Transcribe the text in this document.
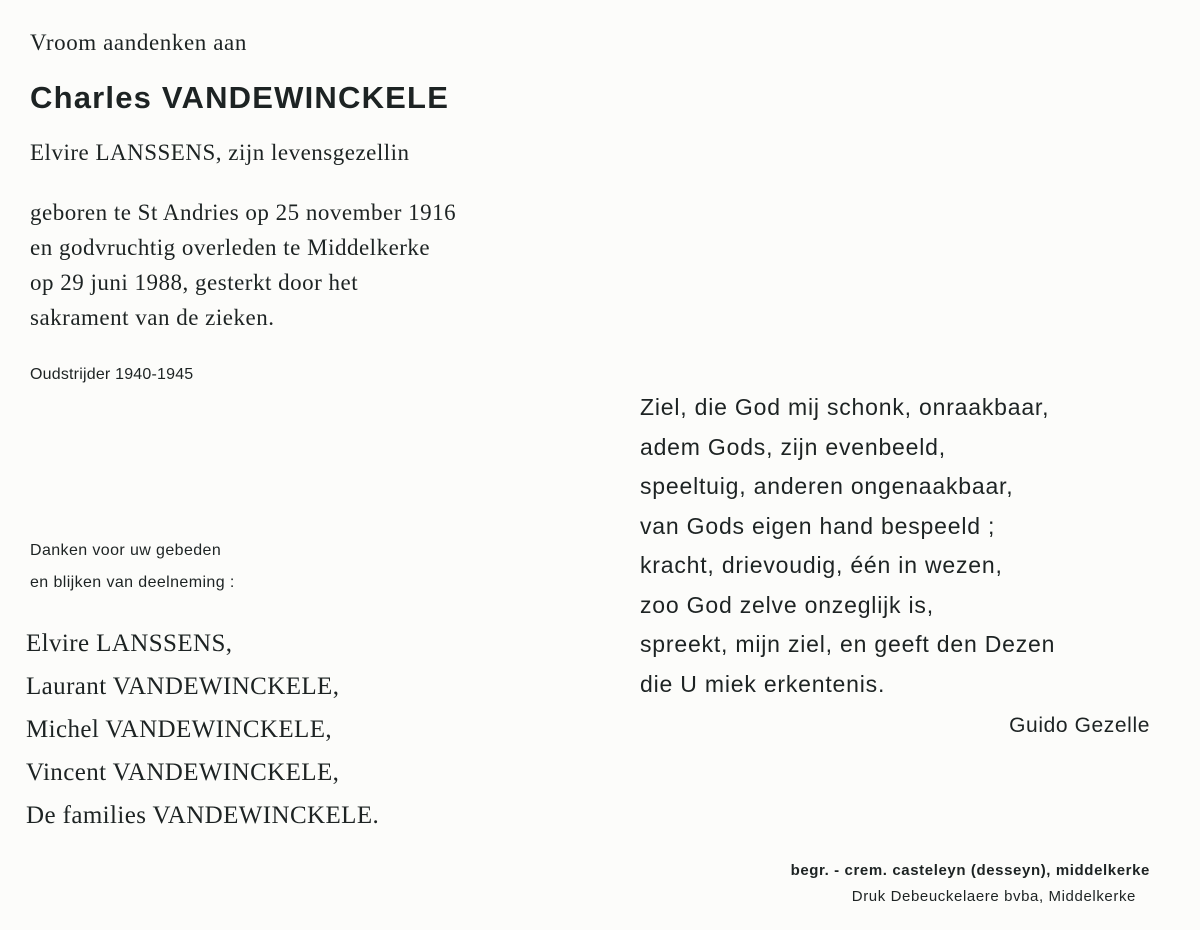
Vroom aandenken aan

Charles VANDEWINCKELE

Elvire LANSSENS, zijn levensgezellin

geboren te St Andries op 25 november 1916
en godvruchtig overleden te Middelkerke
op 29 juni 1988, gesterkt door het
sakrament van de zieken.

Oudstrijder 1940-1945

Danken voor uw gebeden
en blijken van deelneming :
Elvire LANSSENS,
Laurant VANDEWINCKELE,
Michel VANDEWINCKELE,
Vincent VANDEWINCKELE,
De families VANDEWINCKELE.
Ziel, die God mij schonk, onraakbaar,
adem Gods, zijn evenbeeld,
speeltuig, anderen ongenaakbaar,
van Gods eigen hand bespeeld ;
kracht, drievoudig, één in wezen,
zoo God zelve onzeglijk is,
spreekt, mijn ziel, en geeft den Dezen
die U miek erkentenis.

Guido Gezelle

begr. - crem. casteleyn (desseyn), middelkerke
Druk Debeuckelaere bvba, Middelkerke
